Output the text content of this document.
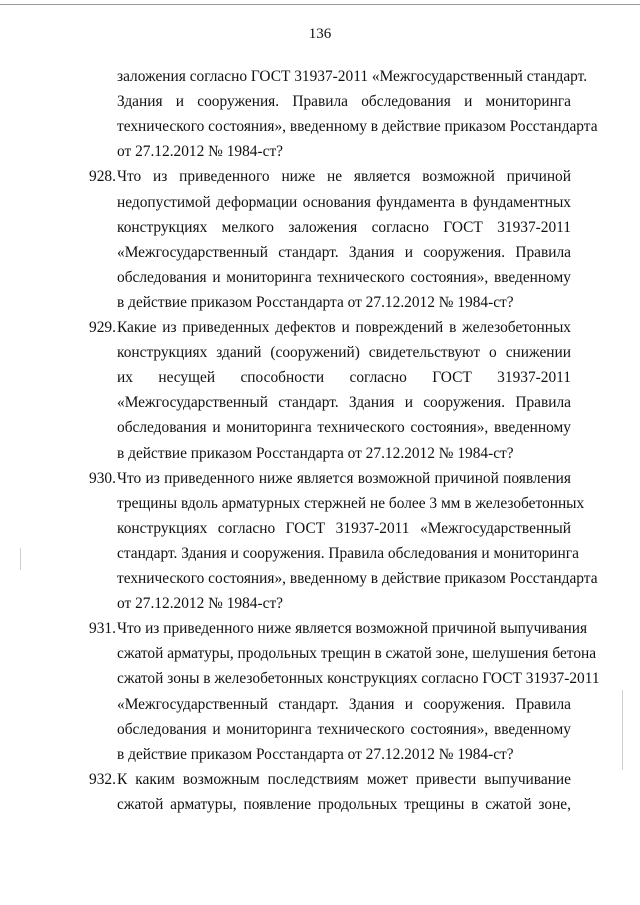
136
заложения согласно ГОСТ 31937-2011 «Межгосударственный стандарт.
Здания и сооружения. Правила обследования и мониторинга
технического состояния», введенному в действие приказом Росстандарта
от 27.12.2012 № 1984-ст?
928. Что из приведенного ниже не является возможной причиной
недопустимой деформации основания фундамента в фундаментных
конструкциях мелкого заложения согласно ГОСТ 31937-2011
«Межгосударственный стандарт. Здания и сооружения. Правила
обследования и мониторинга технического состояния», введенному
в действие приказом Росстандарта от 27.12.2012 № 1984-ст?
929. Какие из приведенных дефектов и повреждений в железобетонных
конструкциях зданий (сооружений) свидетельствуют о снижении
их несущей способности согласно ГОСТ 31937-2011
«Межгосударственный стандарт. Здания и сооружения. Правила
обследования и мониторинга технического состояния», введенному
в действие приказом Росстандарта от 27.12.2012 № 1984-ст?
930. Что из приведенного ниже является возможной причиной появления
трещины вдоль арматурных стержней не более 3 мм в железобетонных
конструкциях согласно ГОСТ 31937-2011 «Межгосударственный
стандарт. Здания и сооружения. Правила обследования и мониторинга
технического состояния», введенному в действие приказом Росстандарта
от 27.12.2012 № 1984-ст?
931. Что из приведенного ниже является возможной причиной выпучивания
сжатой арматуры, продольных трещин в сжатой зоне, шелушения бетона
сжатой зоны в железобетонных конструкциях согласно ГОСТ 31937-2011
«Межгосударственный стандарт. Здания и сооружения. Правила
обследования и мониторинга технического состояния», введенному
в действие приказом Росстандарта от 27.12.2012 № 1984-ст?
932. К каким возможным последствиям может привести выпучивание
сжатой арматуры, появление продольных трещины в сжатой зоне,
